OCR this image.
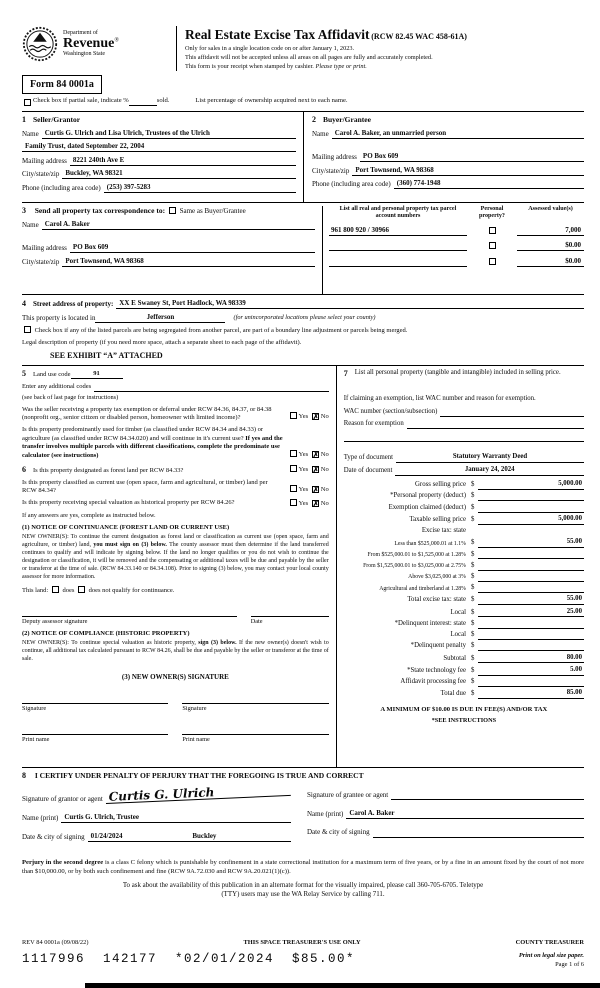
Department of
Revenue®
Washington State
Real Estate Excise Tax Affidavit (RCW 82.45 WAC 458-61A)
Only for sales in a single location code on or after January 1, 2023.
This affidavit will not be accepted unless all areas on all pages are fully and accurately completed.
This form is your receipt when stamped by cashier. Please type or print.
Form 84 0001a
Check box if partial sale, indicate %	sold.	List percentage of ownership acquired next to each name.
1 Seller/Grantor
Name Curtis G. Ulrich and Lisa Ulrich, Trustees of the Ulrich
Family Trust, dated September 22, 2004
Mailing address 8221 240th Ave E
City/state/zip Buckley, WA 98321
Phone (including area code) (253) 397-5283
2 Buyer/Grantee
Name Carol A. Baker, an unmarried person
Mailing address PO Box 609
City/state/zip Port Townsend, WA 98368
Phone (including area code) (360) 774-1948
3 Send all property tax correspondence to: Same as Buyer/Grantee
Name Carol A. Baker
Mailing address PO Box 609
City/state/zip Port Townsend, WA 98368
List all real and personal property tax parcel account numbers
Personal property?
Assessed value(s)
961 800 920 / 30966	7,000
$0.00
$0.00
4 Street address of property: XX E Swaney St, Port Hadlock, WA 98339
This property is located in	Jefferson	(for unincorporated locations please select your county)
Check box if any of the listed parcels are being segregated from another parcel, are part of a boundary line adjustment or parcels being merged.
Legal description of property (if you need more space, attach a separate sheet to each page of the affidavit).
SEE EXHIBIT “A” ATTACHED
5 Land use code	91
Enter any additional codes
(see back of last page for instructions)
Was the seller receiving a property tax exemption or deferral under RCW 84.36, 84.37, or 84.38 (nonprofit org., senior citizen or disabled person, homeowner with limited income)?	Yes ✗ No
Is this property predominantly used for timber (as classified under RCW 84.34 and 84.33) or agriculture (as classified under RCW 84.34.020) and will continue in it's current use? If yes and the transfer involves multiple parcels with different classifications, complete the predominate use calculator (see instructions)	Yes ✗ No
6 Is this property designated as forest land per RCW 84.33?	Yes ✗ No
Is this property classified as current use (open space, farm and agricultural, or timber) land per RCW 84.34?	Yes ✗ No
Is this property receiving special valuation as historical property per RCW 84.26?	Yes ✗ No
If any answers are yes, complete as instructed below.
(1) NOTICE OF CONTINUANCE (FOREST LAND OR CURRENT USE)

NEW OWNER(S): To continue the current designation as forest land or classification as current use (open space, farm and agriculture, or timber) land, you must sign on (3) below. The county assessor must then determine if the land transferred continues to qualify and will indicate by signing below. If the land no longer qualifies or you do not wish to continue the designation or classification, it will be removed and the compensating or additional taxes will be due and payable by the seller or transferor at the time of sale. (RCW 84.33.140 or 84.34.108). Prior to signing (3) below, you may contact your local county assessor for more information.

This land: does does not qualify for continuance.
Deputy assessor signature	Date
(2) NOTICE OF COMPLIANCE (HISTORIC PROPERTY)

NEW OWNER(S): To continue special valuation as historic property, sign (3) below. If the new owner(s) doesn't wish to continue, all additional tax calculated pursuant to RCW 84.26, shall be due and payable by the seller or transferor at the time of sale.

(3) NEW OWNER(S) SIGNATURE
Signature	Signature
Print name	Print name
7 List all personal property (tangible and intangible) included in selling price.
If claiming an exemption, list WAC number and reason for exemption.
WAC number (section/subsection)
Reason for exemption
Type of document	Statutory Warranty Deed
Date of document	January 24, 2024
Gross selling price $	5,000.00
*Personal property (deduct) $
Exemption claimed (deduct) $
Taxable selling price $	5,000.00
Excise tax: state
Less than $525,000.01 at 1.1% $	55.00
From $525,000.01 to $1,525,000 at 1.28% $
From $1,525,000.01 to $3,025,000 at 2.75% $
Above $3,025,000 at 3% $
Agricultural and timberland at 1.28% $
Total excise tax: state $	55.00
Local $	25.00
*Delinquent interest: state $
Local $
*Delinquent penalty $
Subtotal $	80.00
*State technology fee $	5.00
Affidavit processing fee $
Total due $	85.00
A MINIMUM OF $10.00 IS DUE IN FEE(S) AND/OR TAX
*SEE INSTRUCTIONS
8 I CERTIFY UNDER PENALTY OF PERJURY THAT THE FOREGOING IS TRUE AND CORRECT
Signature of grantor or agent Curtis G. Ulrich
Name (print) Curtis G. Ulrich, Trustee
Date & city of signing 01/24/2024	Buckley
Signature of grantee or agent
Name (print) Carol A. Baker
Date & city of signing
Perjury in the second degree is a class C felony which is punishable by confinement in a state correctional institution for a maximum term of five years, or by a fine in an amount fixed by the court of not more than $10,000.00, or by both such confinement and fine (RCW 9A.72.030 and RCW 9A.20.021(1)(c)).
To ask about the availability of this publication in an alternate format for the visually impaired, please call 360-705-6705. Teletype
(TTY) users may use the WA Relay Service by calling 711.
REV 84 0001a (09/08/22)	THIS SPACE TREASURER'S USE ONLY	COUNTY TREASURER
1117996  142177  *02/01/2024  $85.00*	Print on legal size paper.
Page 1 of 6
